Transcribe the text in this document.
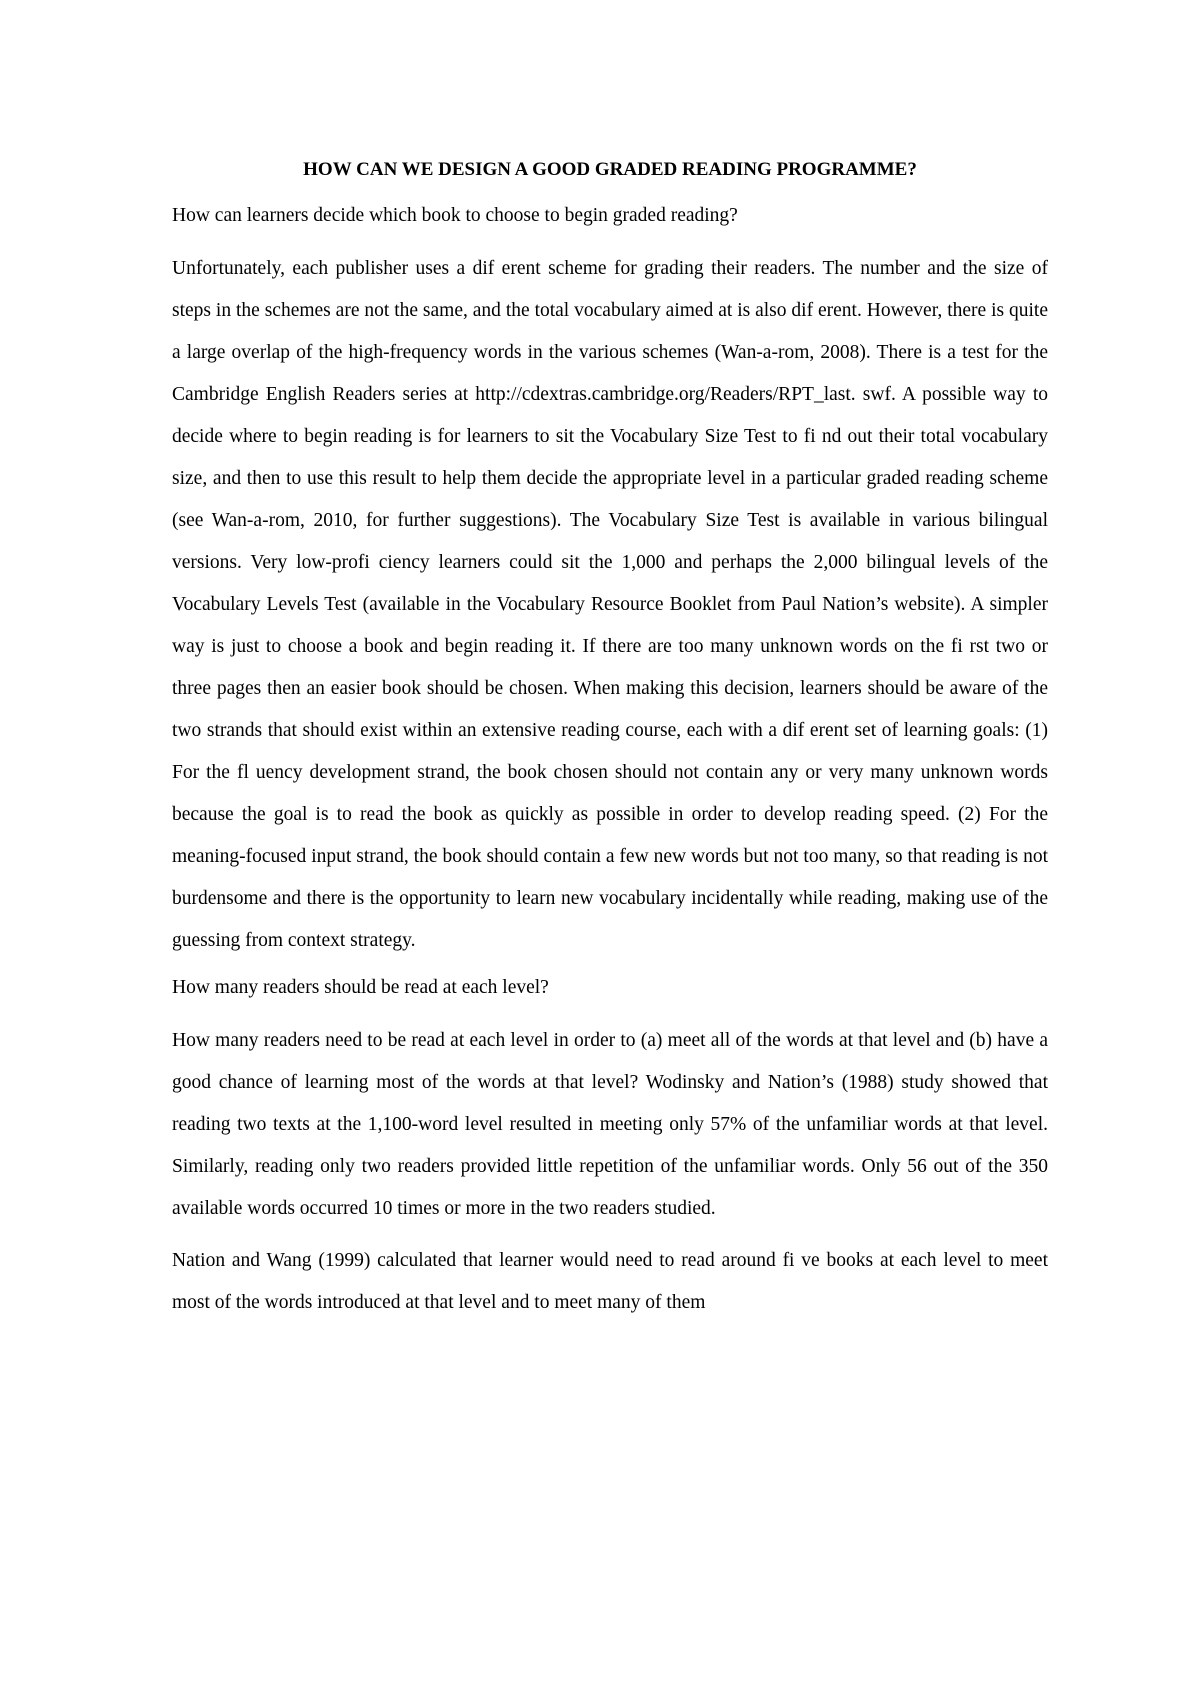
HOW CAN WE DESIGN A GOOD GRADED READING PROGRAMME?

How can learners decide which book to choose to begin graded reading?

Unfortunately, each publisher uses a dif erent scheme for grading their readers. The number and the size of steps in the schemes are not the same, and the total vocabulary aimed at is also dif erent. However, there is quite a large overlap of the high-frequency words in the various schemes (Wan-a-rom, 2008). There is a test for the Cambridge English Readers series at http://cdextras.cambridge.org/Readers/RPT_last. swf. A possible way to decide where to begin reading is for learners to sit the Vocabulary Size Test to fi nd out their total vocabulary size, and then to use this result to help them decide the appropriate level in a particular graded reading scheme (see Wan-a-rom, 2010, for further suggestions). The Vocabulary Size Test is available in various bilingual versions. Very low-profi ciency learners could sit the 1,000 and perhaps the 2,000 bilingual levels of the Vocabulary Levels Test (available in the Vocabulary Resource Booklet from Paul Nation’s website). A simpler way is just to choose a book and begin reading it. If there are too many unknown words on the fi rst two or three pages then an easier book should be chosen. When making this decision, learners should be aware of the two strands that should exist within an extensive reading course, each with a dif erent set of learning goals: (1) For the fl uency development strand, the book chosen should not contain any or very many unknown words because the goal is to read the book as quickly as possible in order to develop reading speed. (2) For the meaning-focused input strand, the book should contain a few new words but not too many, so that reading is not burdensome and there is the opportunity to learn new vocabulary incidentally while reading, making use of the guessing from context strategy.

How many readers should be read at each level?

How many readers need to be read at each level in order to (a) meet all of the words at that level and (b) have a good chance of learning most of the words at that level? Wodinsky and Nation’s (1988) study showed that reading two texts at the 1,100-word level resulted in meeting only 57% of the unfamiliar words at that level. Similarly, reading only two readers provided little repetition of the unfamiliar words. Only 56 out of the 350 available words occurred 10 times or more in the two readers studied.

Nation and Wang (1999) calculated that learner would need to read around fi ve books at each level to meet most of the words introduced at that level and to meet many of them
